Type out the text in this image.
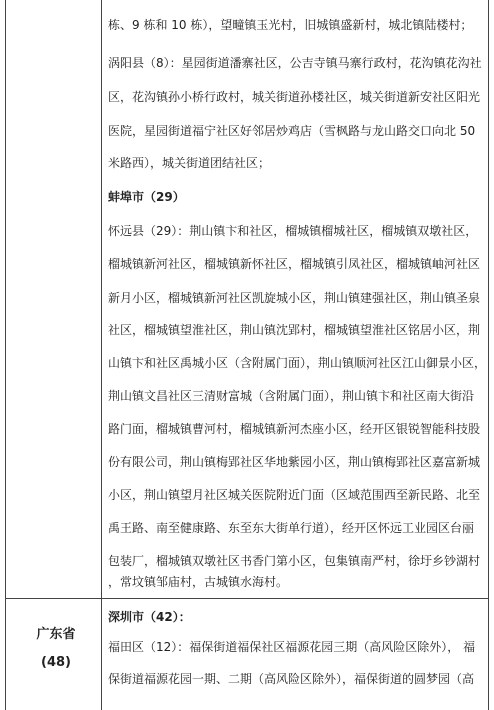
栋、9 栋和 10 栋），望疃镇玉光村，旧城镇盛新村，城北镇陆楼村；
涡阳县（8）：星园街道潘寨社区，公吉寺镇马寨行政村，花沟镇花沟社
区，花沟镇孙小桥行政村，城关街道孙楼社区，城关街道新安社区阳光
医院，星园街道福宁社区好邻居炒鸡店（雪枫路与龙山路交口向北 50
米路西），城关街道团结社区；
蚌埠市（29）
怀远县（29）：荆山镇卞和社区，榴城镇榴城社区，榴城镇双墩社区，
榴城镇新河社区，榴城镇新怀社区，榴城镇引凤社区，榴城镇岫河社区
新月小区，榴城镇新河社区凯旋城小区，荆山镇建强社区，荆山镇圣泉
社区，榴城镇望淮社区，荆山镇沈郢村，榴城镇望淮社区铭居小区，荆
山镇卞和社区禹城小区（含附属门面），荆山镇顺河社区江山御景小区，
荆山镇文昌社区三清财富城（含附属门面），荆山镇卞和社区南大街沿
路门面，榴城镇曹河村，榴城镇新河杰座小区，经开区银锐智能科技股
份有限公司，荆山镇梅郢社区华地紫园小区，荆山镇梅郢社区嘉富新城
小区，荆山镇望月社区城关医院附近门面（区域范围西至新民路、北至
禹王路、南至健康路、东至东大街单行道），经开区怀远工业园区台丽
包装厂，榴城镇双墩社区书香门第小区，包集镇南严村，徐圩乡钞湖村
，常坟镇邹庙村，古城镇水海村。
广东省
(48)
深圳市（42）：
福田区（12）：福保街道福保社区福源花园三期（高风险区除外）， 福
保街道福源花园一期、二期（高风险区除外），福保街道的圆梦园（高
